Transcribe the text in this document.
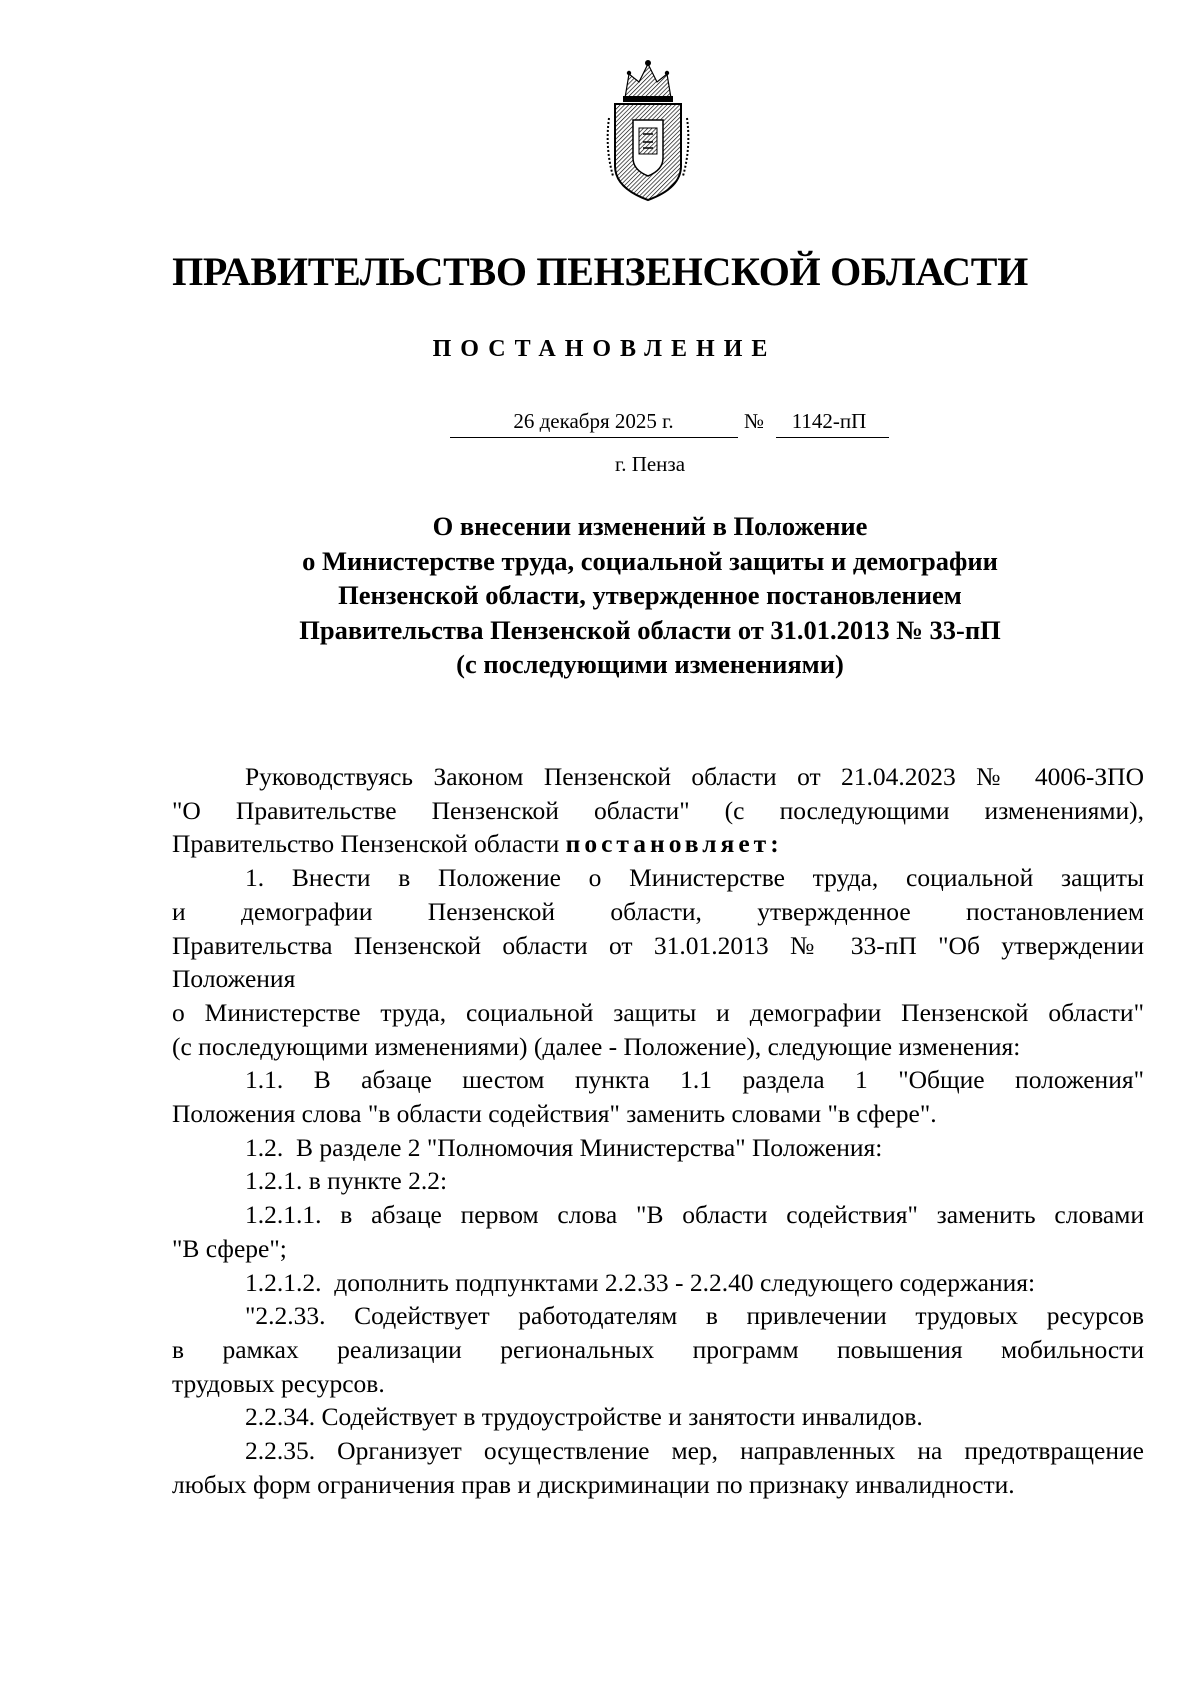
ПРАВИТЕЛЬСТВО ПЕНЗЕНСКОЙ ОБЛАСТИ
ПОСТАНОВЛЕНИЕ
26 декабря 2025 г.	№	1142-пП
г. Пенза
О внесении изменений в Положение
о Министерстве труда, социальной защиты и демографии
Пензенской области, утвержденное постановлением
Правительства Пензенской области от 31.01.2013 № 33-пП
(с последующими изменениями)
Руководствуясь Законом Пензенской области от 21.04.2023 № 4006-ЗПО
"О Правительстве Пензенской области" (с последующими изменениями),
Правительство Пензенской области постановляет:
1. Внести в Положение о Министерстве труда, социальной защиты
и демографии Пензенской области, утвержденное постановлением
Правительства Пензенской области от 31.01.2013 № 33-пП "Об утверждении
Положения
о Министерстве труда, социальной защиты и демографии Пензенской области"
(с последующими изменениями) (далее - Положение), следующие изменения:
1.1. В абзаце шестом пункта 1.1 раздела 1 "Общие положения"
Положения слова "в области содействия" заменить словами "в сфере".
1.2.  В разделе 2 "Полномочия Министерства" Положения:
1.2.1. в пункте 2.2:
1.2.1.1. в абзаце первом слова "В области содействия" заменить словами
"В сфере";
1.2.1.2.  дополнить подпунктами 2.2.33 - 2.2.40 следующего содержания:
"2.2.33. Содействует работодателям в привлечении трудовых ресурсов
в рамках реализации региональных программ повышения мобильности
трудовых ресурсов.
2.2.34. Содействует в трудоустройстве и занятости инвалидов.
2.2.35. Организует осуществление мер, направленных на предотвращение
любых форм ограничения прав и дискриминации по признаку инвалидности.
